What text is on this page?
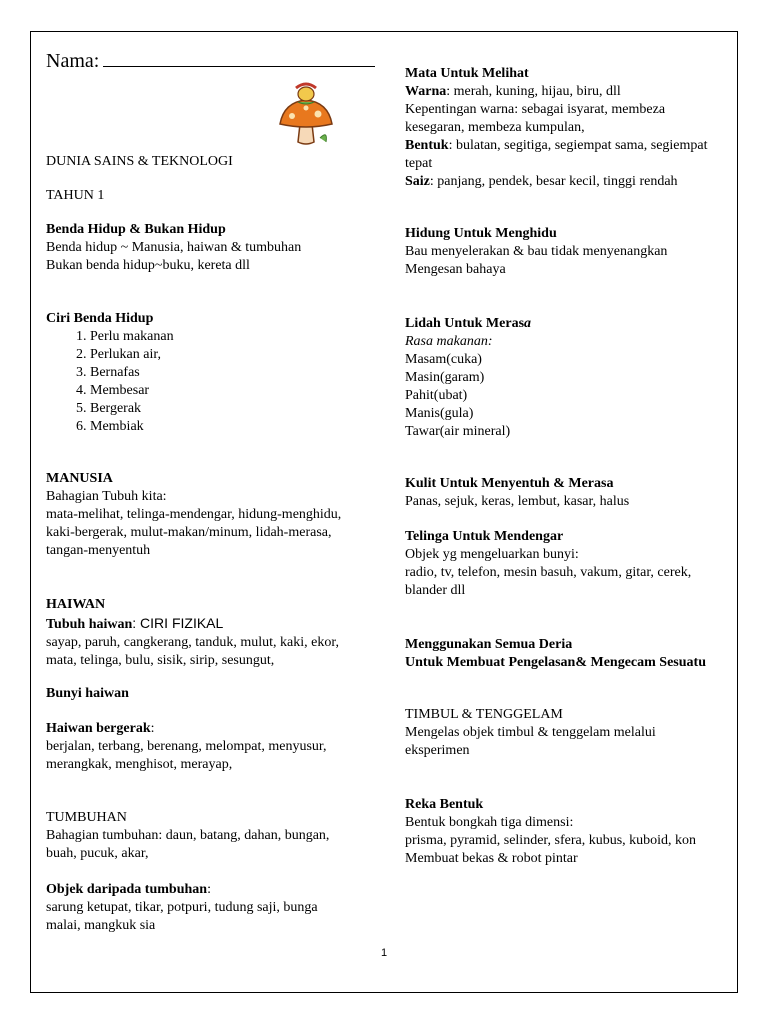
Nama:

DUNIA SAINS & TEKNOLOGI

TAHUN 1

Benda Hidup & Bukan Hidup

Benda hidup ~ Manusia, haiwan & tumbuhan

Bukan benda hidup~buku, kereta dll

Ciri Benda Hidup

1. Perlu makanan
2. Perlukan air,
3. Bernafas
4. Membesar
5. Bergerak
6. Membiak

MANUSIA

Bahagian Tubuh kita:

mata-melihat, telinga-mendengar, hidung-menghidu,

kaki-bergerak, mulut-makan/minum, lidah-merasa,

tangan-menyentuh

HAIWAN

Tubuh haiwan: CIRI FIZIKAL

sayap, paruh, cangkerang, tanduk, mulut, kaki, ekor,

mata, telinga, bulu, sisik, sirip, sesungut,

Bunyi haiwan

Haiwan bergerak:

berjalan, terbang, berenang, melompat, menyusur,

merangkak, menghisot, merayap,

TUMBUHAN

Bahagian tumbuhan: daun, batang, dahan, bungan,

buah, pucuk, akar,

Objek daripada tumbuhan:

sarung ketupat, tikar, potpuri, tudung saji, bunga

malai, mangkuk sia

Mata Untuk Melihat

Warna: merah, kuning, hijau, biru, dll

Kepentingan warna: sebagai isyarat, membeza

kesegaran, membeza kumpulan,

Bentuk: bulatan, segitiga, segiempat sama, segiempat

tepat

Saiz: panjang, pendek, besar kecil, tinggi rendah

Hidung Untuk Menghidu

Bau menyelerakan & bau tidak menyenangkan

Mengesan bahaya

Lidah Untuk Merasa

Rasa makanan:

Masam(cuka)

Masin(garam)

Pahit(ubat)

Manis(gula)

Tawar(air mineral)

Kulit Untuk Menyentuh & Merasa

Panas, sejuk, keras, lembut, kasar, halus

Telinga Untuk Mendengar

Objek yg mengeluarkan bunyi:

radio, tv, telefon, mesin basuh, vakum, gitar, cerek,

blander dll

Menggunakan Semua Deria

Untuk Membuat Pengelasan& Mengecam Sesuatu

TIMBUL & TENGGELAM

Mengelas objek timbul & tenggelam melalui

eksperimen

Reka Bentuk

Bentuk bongkah tiga dimensi:

prisma, pyramid, selinder, sfera, kubus, kuboid, kon

Membuat bekas & robot pintar

1
